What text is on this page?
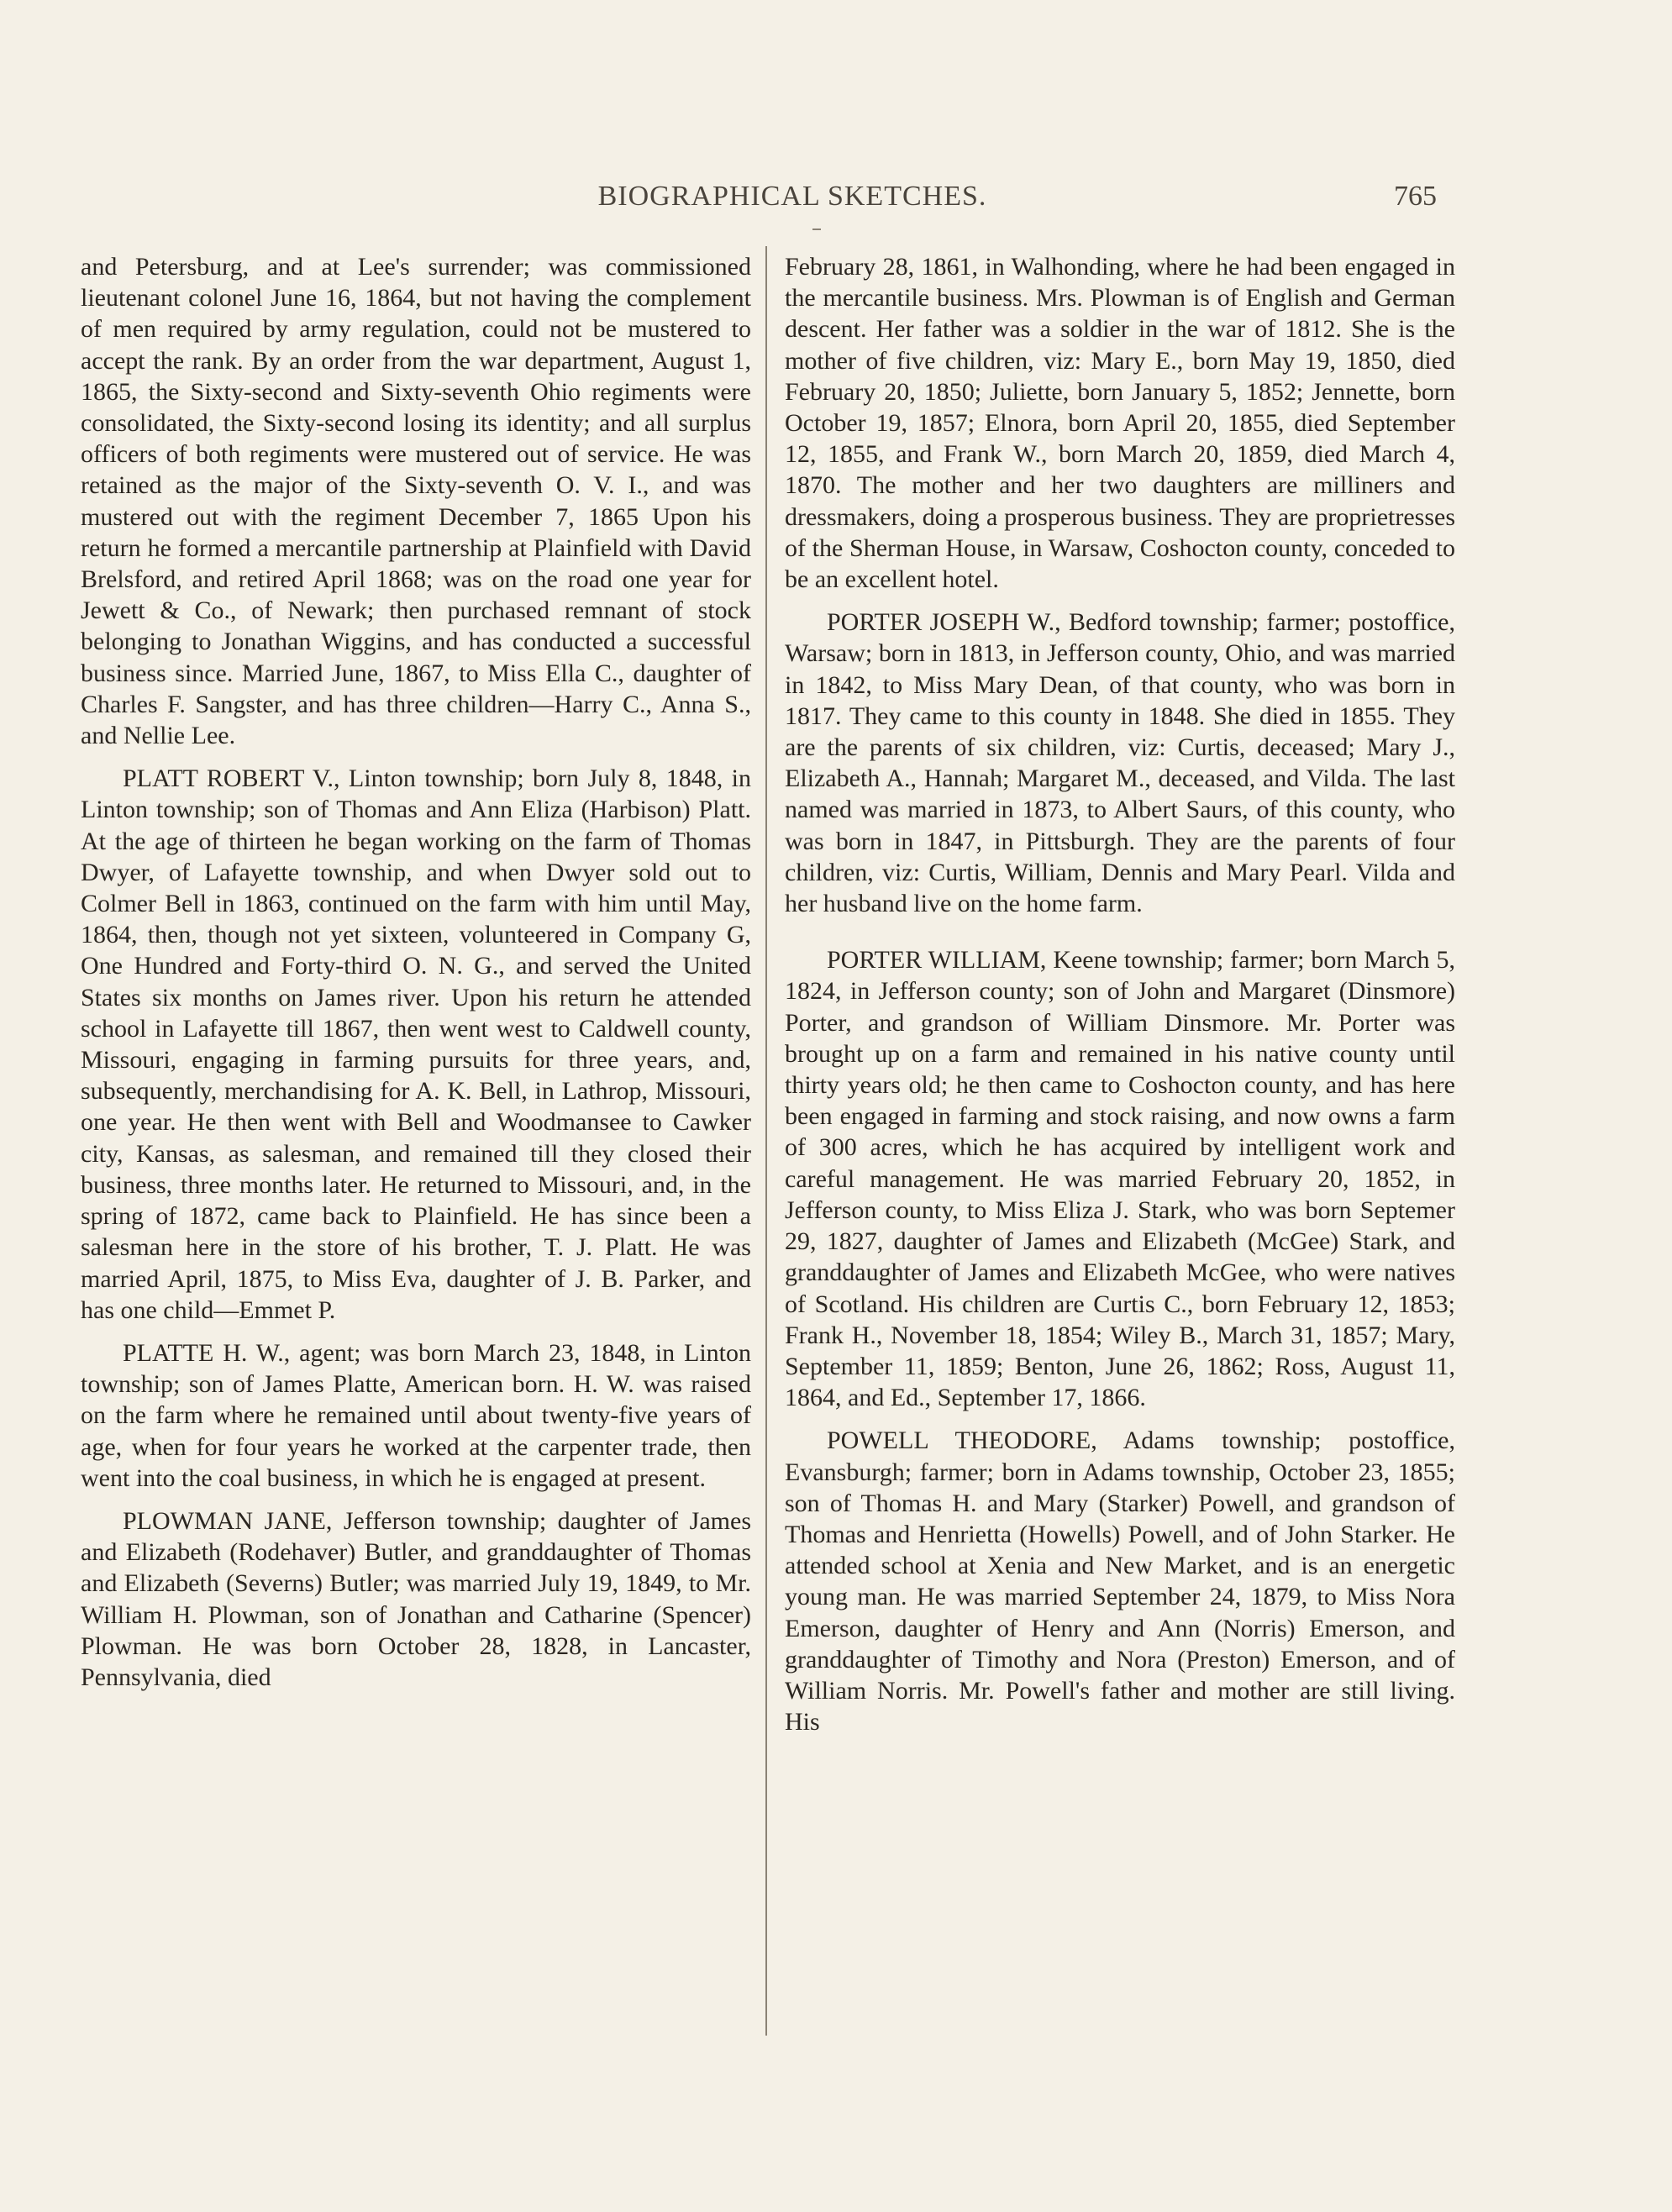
BIOGRAPHICAL SKETCHES.	765

and Petersburg, and at Lee's surrender; was commissioned lieutenant colonel June 16, 1864, but not having the complement of men required by army regulation, could not be mustered to accept the rank. By an order from the war department, August 1, 1865, the Sixty-second and Sixty-seventh Ohio regiments were consolidated, the Sixty-second losing its identity; and all surplus officers of both regiments were mustered out of service. He was retained as the major of the Sixty-seventh O. V. I., and was mustered out with the regiment December 7, 1865 Upon his return he formed a mercantile partnership at Plainfield with David Brelsford, and retired April 1868; was on the road one year for Jewett & Co., of Newark; then purchased remnant of stock belonging to Jonathan Wiggins, and has conducted a successful business since. Married June, 1867, to Miss Ella C., daughter of Charles F. Sangster, and has three children—Harry C., Anna S., and Nellie Lee.

PLATT ROBERT V., Linton township; born July 8, 1848, in Linton township; son of Thomas and Ann Eliza (Harbison) Platt. At the age of thirteen he began working on the farm of Thomas Dwyer, of Lafayette township, and when Dwyer sold out to Colmer Bell in 1863, continued on the farm with him until May, 1864, then, though not yet sixteen, volunteered in Company G, One Hundred and Forty-third O. N. G., and served the United States six months on James river. Upon his return he attended school in Lafayette till 1867, then went west to Caldwell county, Missouri, engaging in farming pursuits for three years, and, subsequently, merchandising for A. K. Bell, in Lathrop, Missouri, one year. He then went with Bell and Woodmansee to Cawker city, Kansas, as salesman, and remained till they closed their business, three months later. He returned to Missouri, and, in the spring of 1872, came back to Plainfield. He has since been a salesman here in the store of his brother, T. J. Platt. He was married April, 1875, to Miss Eva, daughter of J. B. Parker, and has one child—Emmet P.

PLATTE H. W., agent; was born March 23, 1848, in Linton township; son of James Platte, American born. H. W. was raised on the farm where he remained until about twenty-five years of age, when for four years he worked at the carpenter trade, then went into the coal business, in which he is engaged at present.

PLOWMAN JANE, Jefferson township; daughter of James and Elizabeth (Rodehaver) Butler, and granddaughter of Thomas and Elizabeth (Severns) Butler; was married July 19, 1849, to Mr. William H. Plowman, son of Jonathan and Catharine (Spencer) Plowman. He was born October 28, 1828, in Lancaster, Pennsylvania, died

February 28, 1861, in Walhonding, where he had been engaged in the mercantile business. Mrs. Plowman is of English and German descent. Her father was a soldier in the war of 1812. She is the mother of five children, viz: Mary E., born May 19, 1850, died February 20, 1850; Juliette, born January 5, 1852; Jennette, born October 19, 1857; Elnora, born April 20, 1855, died September 12, 1855, and Frank W., born March 20, 1859, died March 4, 1870. The mother and her two daughters are milliners and dressmakers, doing a prosperous business. They are proprietresses of the Sherman House, in Warsaw, Coshocton county, conceded to be an excellent hotel.

PORTER JOSEPH W., Bedford township; farmer; postoffice, Warsaw; born in 1813, in Jefferson county, Ohio, and was married in 1842, to Miss Mary Dean, of that county, who was born in 1817. They came to this county in 1848. She died in 1855. They are the parents of six children, viz: Curtis, deceased; Mary J., Elizabeth A., Hannah; Margaret M., deceased, and Vilda. The last named was married in 1873, to Albert Saurs, of this county, who was born in 1847, in Pittsburgh. They are the parents of four children, viz: Curtis, William, Dennis and Mary Pearl. Vilda and her husband live on the home farm.

PORTER WILLIAM, Keene township; farmer; born March 5, 1824, in Jefferson county; son of John and Margaret (Dinsmore) Porter, and grandson of William Dinsmore. Mr. Porter was brought up on a farm and remained in his native county until thirty years old; he then came to Coshocton county, and has here been engaged in farming and stock raising, and now owns a farm of 300 acres, which he has acquired by intelligent work and careful management. He was married February 20, 1852, in Jefferson county, to Miss Eliza J. Stark, who was born Septemer 29, 1827, daughter of James and Elizabeth (McGee) Stark, and granddaughter of James and Elizabeth McGee, who were natives of Scotland. His children are Curtis C., born February 12, 1853; Frank H., November 18, 1854; Wiley B., March 31, 1857; Mary, September 11, 1859; Benton, June 26, 1862; Ross, August 11, 1864, and Ed., September 17, 1866.

POWELL THEODORE, Adams township; postoffice, Evansburgh; farmer; born in Adams township, October 23, 1855; son of Thomas H. and Mary (Starker) Powell, and grandson of Thomas and Henrietta (Howells) Powell, and of John Starker. He attended school at Xenia and New Market, and is an energetic young man. He was married September 24, 1879, to Miss Nora Emerson, daughter of Henry and Ann (Norris) Emerson, and granddaughter of Timothy and Nora (Preston) Emerson, and of William Norris. Mr. Powell's father and mother are still living. His
